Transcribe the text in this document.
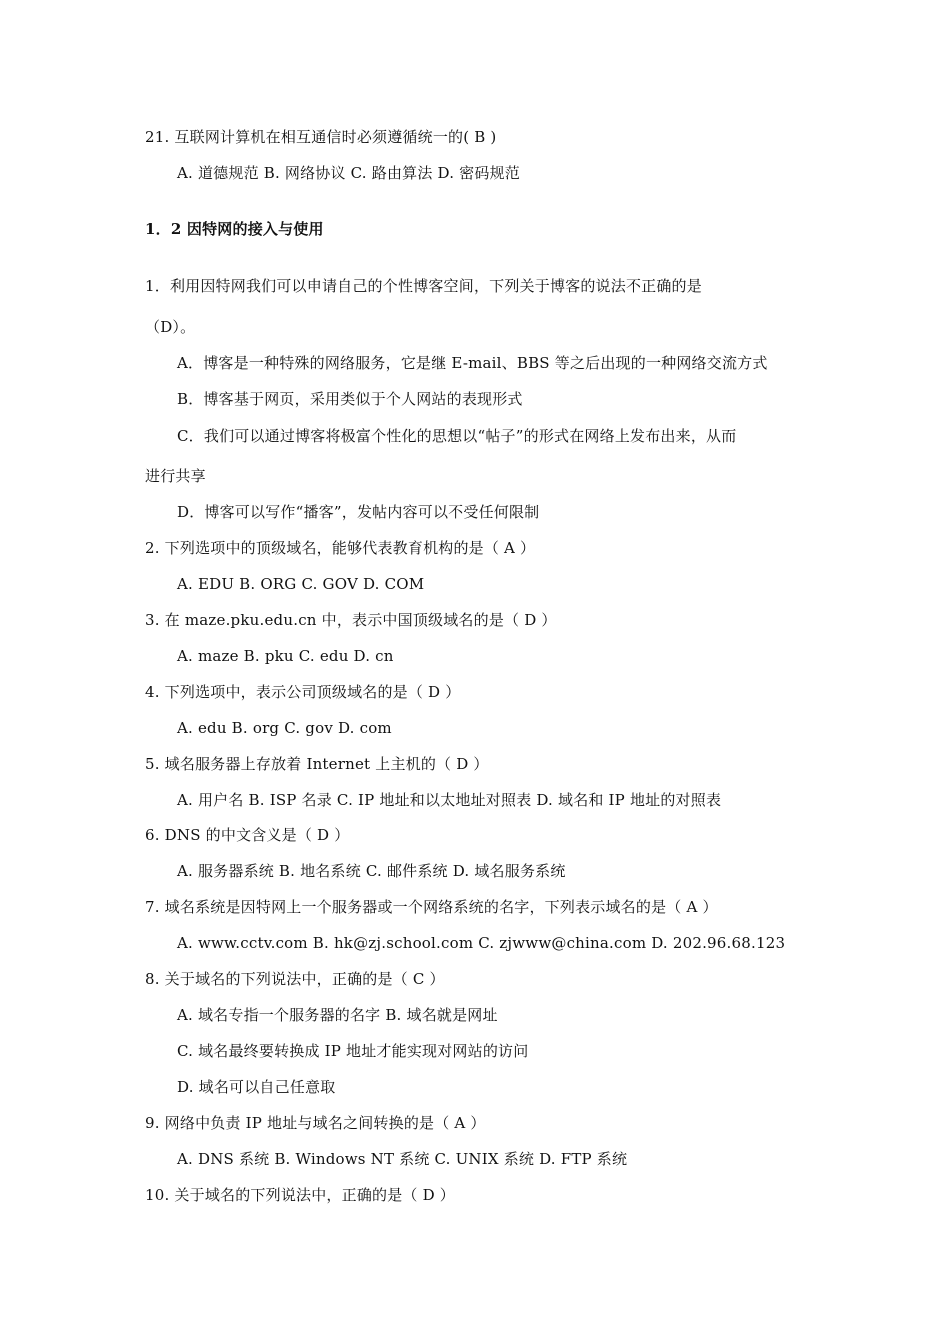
21. 互联网计算机在相互通信时必须遵循统一的( B )
A. 道德规范 B. 网络协议 C. 路由算法 D. 密码规范
1．2 因特网的接入与使用
1．利用因特网我们可以申请自己的个性博客空间，下列关于博客的说法不正确的是
（D）。
A．博客是一种特殊的网络服务，它是继 E-mail、BBS 等之后出现的一种网络交流方式
B．博客基于网页，采用类似于个人网站的表现形式
C．我们可以通过博客将极富个性化的思想以“帖子”的形式在网络上发布出来，从而
进行共享
D．博客可以写作“播客”，发帖内容可以不受任何限制
2. 下列选项中的顶级域名，能够代表教育机构的是（ A ）
A. EDU B. ORG C. GOV D. COM
3. 在 maze.pku.edu.cn 中，表示中国顶级域名的是（ D ）
A. maze B. pku C. edu D. cn
4. 下列选项中，表示公司顶级域名的是（ D ）
A. edu B. org C. gov D. com
5. 域名服务器上存放着 Internet 上主机的（ D ）
A. 用户名 B. ISP 名录 C. IP 地址和以太地址对照表 D. 域名和 IP 地址的对照表
6. DNS 的中文含义是（ D ）
A. 服务器系统 B. 地名系统 C. 邮件系统 D. 域名服务系统
7. 域名系统是因特网上一个服务器或一个网络系统的名字，下列表示域名的是（ A ）
A. www.cctv.com B. hk@zj.school.com C. zjwww@china.com D. 202.96.68.123
8. 关于域名的下列说法中，正确的是（ C ）
A. 域名专指一个服务器的名字 B. 域名就是网址
C. 域名最终要转换成 IP 地址才能实现对网站的访问
D. 域名可以自己任意取
9. 网络中负责 IP 地址与域名之间转换的是（ A ）
A. DNS 系统 B. Windows NT 系统 C. UNIX 系统 D. FTP 系统
10. 关于域名的下列说法中，正确的是（ D ）
